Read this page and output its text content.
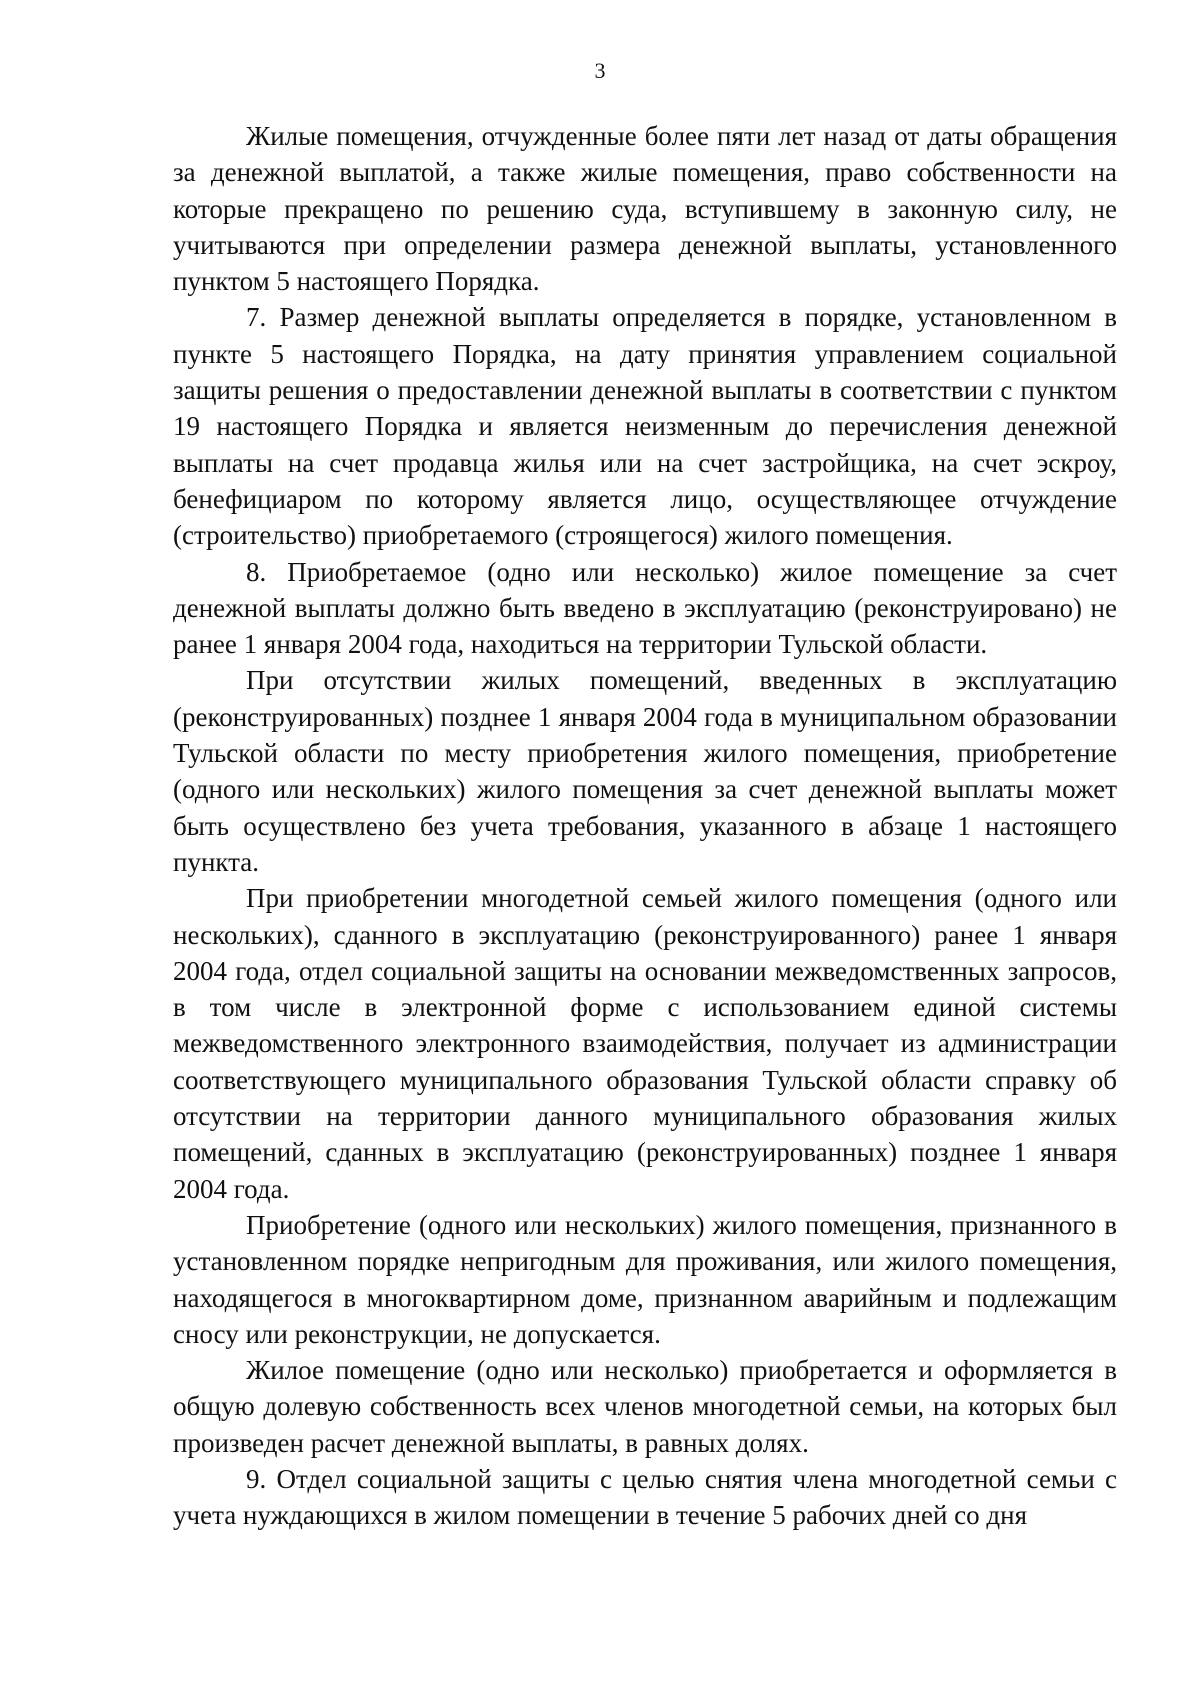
3

Жилые помещения, отчужденные более пяти лет назад от даты обращения за денежной выплатой, а также жилые помещения, право собственности на которые прекращено по решению суда, вступившему в законную силу, не учитываются при определении размера денежной выплаты, установленного пунктом 5 настоящего Порядка.

7. Размер денежной выплаты определяется в порядке, установленном в пункте 5 настоящего Порядка, на дату принятия управлением социальной защиты решения о предоставлении денежной выплаты в соответствии с пунктом 19 настоящего Порядка и является неизменным до перечисления денежной выплаты на счет продавца жилья или на счет застройщика, на счет эскроу, бенефициаром по которому является лицо, осуществляющее отчуждение (строительство) приобретаемого (строящегося) жилого помещения.

8. Приобретаемое (одно или несколько) жилое помещение за счет денежной выплаты должно быть введено в эксплуатацию (реконструировано) не ранее 1 января 2004 года, находиться на территории Тульской области.

При отсутствии жилых помещений, введенных в эксплуатацию (реконструированных) позднее 1 января 2004 года в муниципальном образовании Тульской области по месту приобретения жилого помещения, приобретение (одного или нескольких) жилого помещения за счет денежной выплаты может быть осуществлено без учета требования, указанного в абзаце 1 настоящего пункта.

При приобретении многодетной семьей жилого помещения (одного или нескольких), сданного в эксплуатацию (реконструированного) ранее 1 января 2004 года, отдел социальной защиты на основании межведомственных запросов, в том числе в электронной форме с использованием единой системы межведомственного электронного взаимодействия, получает из администрации соответствующего муниципального образования Тульской области справку об отсутствии на территории данного муниципального образования жилых помещений, сданных в эксплуатацию (реконструированных) позднее 1 января 2004 года.

Приобретение (одного или нескольких) жилого помещения, признанного в установленном порядке непригодным для проживания, или жилого помещения, находящегося в многоквартирном доме, признанном аварийным и подлежащим сносу или реконструкции, не допускается.

Жилое помещение (одно или несколько) приобретается и оформляется в общую долевую собственность всех членов многодетной семьи, на которых был произведен расчет денежной выплаты, в равных долях.

9. Отдел социальной защиты с целью снятия члена многодетной семьи с учета нуждающихся в жилом помещении в течение 5 рабочих дней со дня
